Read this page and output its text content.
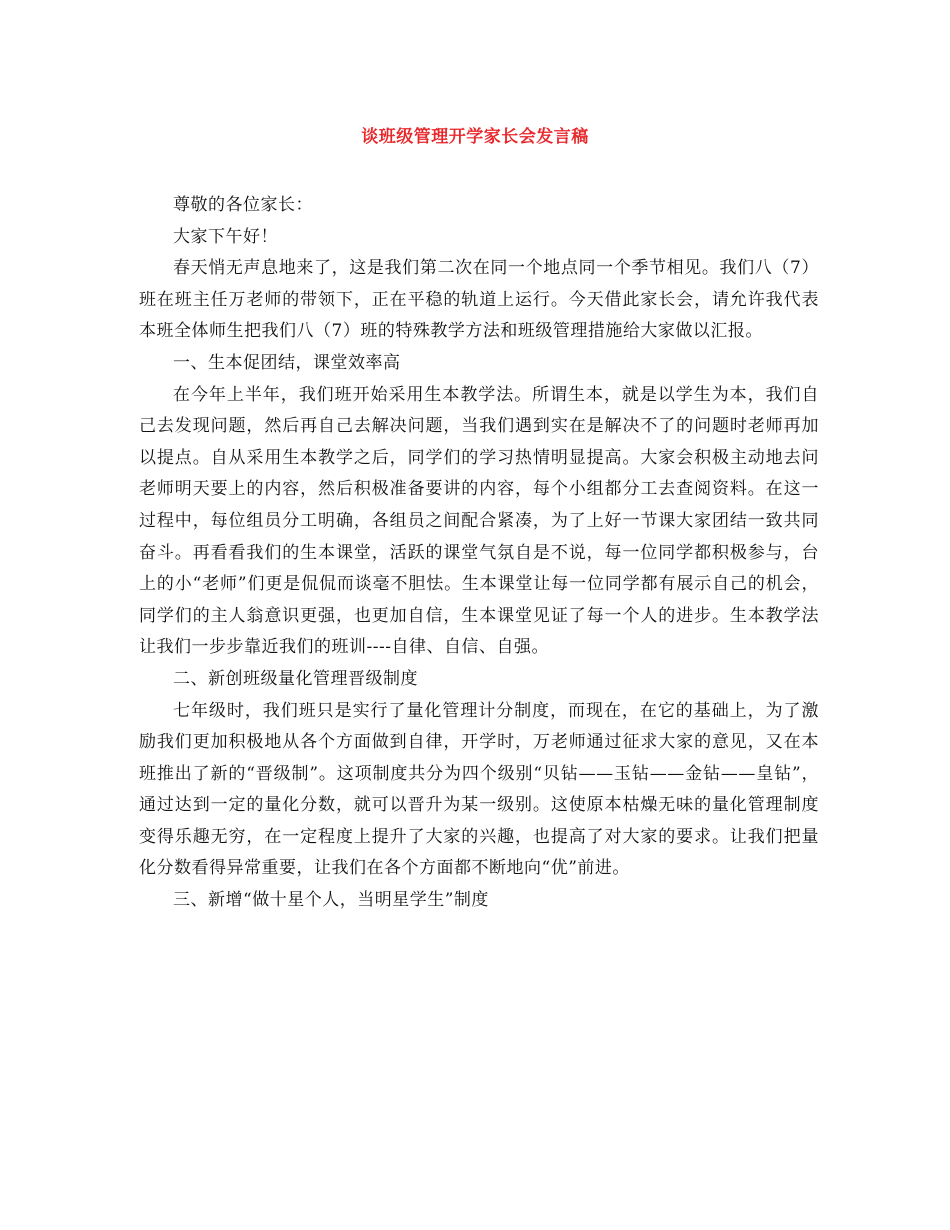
谈班级管理开学家长会发言稿

尊敬的各位家长：

大家下午好！

春天悄无声息地来了，这是我们第二次在同一个地点同一个季节相见。我们八（7）班在班主任万老师的带领下，正在平稳的轨道上运行。今天借此家长会，请允许我代表本班全体师生把我们八（7）班的特殊教学方法和班级管理措施给大家做以汇报。

一、生本促团结，课堂效率高

在今年上半年，我们班开始采用生本教学法。所谓生本，就是以学生为本，我们自己去发现问题，然后再自己去解决问题，当我们遇到实在是解决不了的问题时老师再加以提点。自从采用生本教学之后，同学们的学习热情明显提高。大家会积极主动地去问老师明天要上的内容，然后积极准备要讲的内容，每个小组都分工去查阅资料。在这一过程中，每位组员分工明确，各组员之间配合紧凑，为了上好一节课大家团结一致共同奋斗。再看看我们的生本课堂，活跃的课堂气氛自是不说，每一位同学都积极参与，台上的小“老师”们更是侃侃而谈毫不胆怯。生本课堂让每一位同学都有展示自己的机会，同学们的主人翁意识更强，也更加自信，生本课堂见证了每一个人的进步。生本教学法让我们一步步靠近我们的班训----自律、自信、自强。

二、新创班级量化管理晋级制度

七年级时，我们班只是实行了量化管理计分制度，而现在，在它的基础上，为了激励我们更加积极地从各个方面做到自律，开学时，万老师通过征求大家的意见，又在本班推出了新的“晋级制”。这项制度共分为四个级别“贝钻——玉钻——金钻——皇钻”，通过达到一定的量化分数，就可以晋升为某一级别。这使原本枯燥无味的量化管理制度变得乐趣无穷，在一定程度上提升了大家的兴趣，也提高了对大家的要求。让我们把量化分数看得异常重要，让我们在各个方面都不断地向“优”前进。

三、新增“做十星个人，当明星学生”制度
